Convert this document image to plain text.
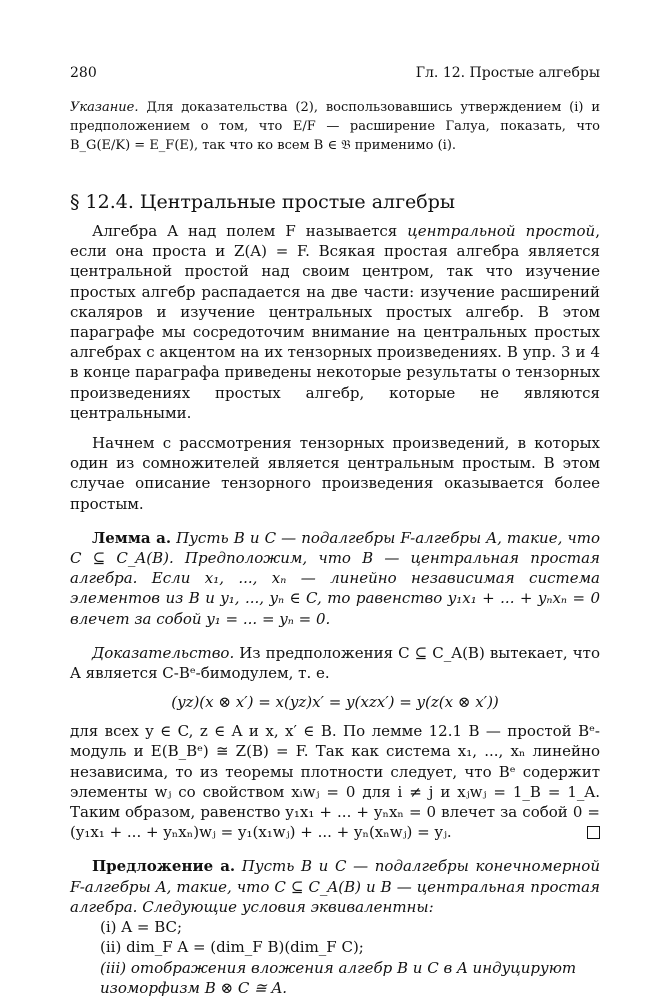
280	Гл. 12. Простые алгебры
Указание. Для доказательства (2), воспользовавшись утверждением (i) и предположением о том, что E/F — расширение Галуа, показать, что B_G(E/K) = E_F(E), так что ко всем B ∈ 𝔅 применимо (i).
§ 12.4. Центральные простые алгебры

Алгебра A над полем F называется центральной простой, если она проста и Z(A) = F. Всякая простая алгебра является центральной простой над своим центром, так что изучение простых алгебр распадается на две части: изучение расширений скаляров и изучение центральных простых алгебр. В этом параграфе мы сосредоточим внимание на центральных простых алгебрах с акцентом на их тензорных произведениях. В упр. 3 и 4 в конце параграфа приведены некоторые результаты о тензорных произведениях простых алгебр, которые не являются центральными.

Начнем с рассмотрения тензорных произведений, в которых один из сомножителей является центральным простым. В этом случае описание тензорного произведения оказывается более простым.

Лемма а. Пусть B и C — подалгебры F-алгебры A, такие, что C ⊆ C_A(B). Предположим, что B — центральная простая алгебра. Если x₁, ..., xₙ — линейно независимая система элементов из B и y₁, ..., yₙ ∈ C, то равенство y₁x₁ + ... + yₙxₙ = 0 влечет за собой y₁ = ... = yₙ = 0.

Доказательство. Из предположения C ⊆ C_A(B) вытекает, что A является C-Bᵉ-бимодулем, т. е.

(yz)(x ⊗ x′) = x(yz)x′ = y(xzx′) = y(z(x ⊗ x′))

для всех y ∈ C, z ∈ A и x, x′ ∈ B. По лемме 12.1 B — простой Bᵉ-модуль и E(B_Bᵉ) ≅ Z(B) = F. Так как система x₁, ..., xₙ линейно независима, то из теоремы плотности следует, что Bᵉ содержит элементы wⱼ со свойством xᵢwⱼ = 0 для i ≠ j и xⱼwⱼ = 1_B = 1_A. Таким образом, равенство y₁x₁ + ... + yₙxₙ = 0 влечет за собой 0 = (y₁x₁ + ... + yₙxₙ)wⱼ = y₁(x₁wⱼ) + ... + yₙ(xₙwⱼ) = yⱼ.

Предложение а. Пусть B и C — подалгебры конечномерной F-алгебры A, такие, что C ⊆ C_A(B) и B — центральная простая алгебра. Следующие условия эквивалентны:

(i) A = BC;
(ii) dim_F A = (dim_F B)(dim_F C);
(iii) отображения вложения алгебр B и C в A индуцируют изоморфизм B ⊗ C ≅ A.
